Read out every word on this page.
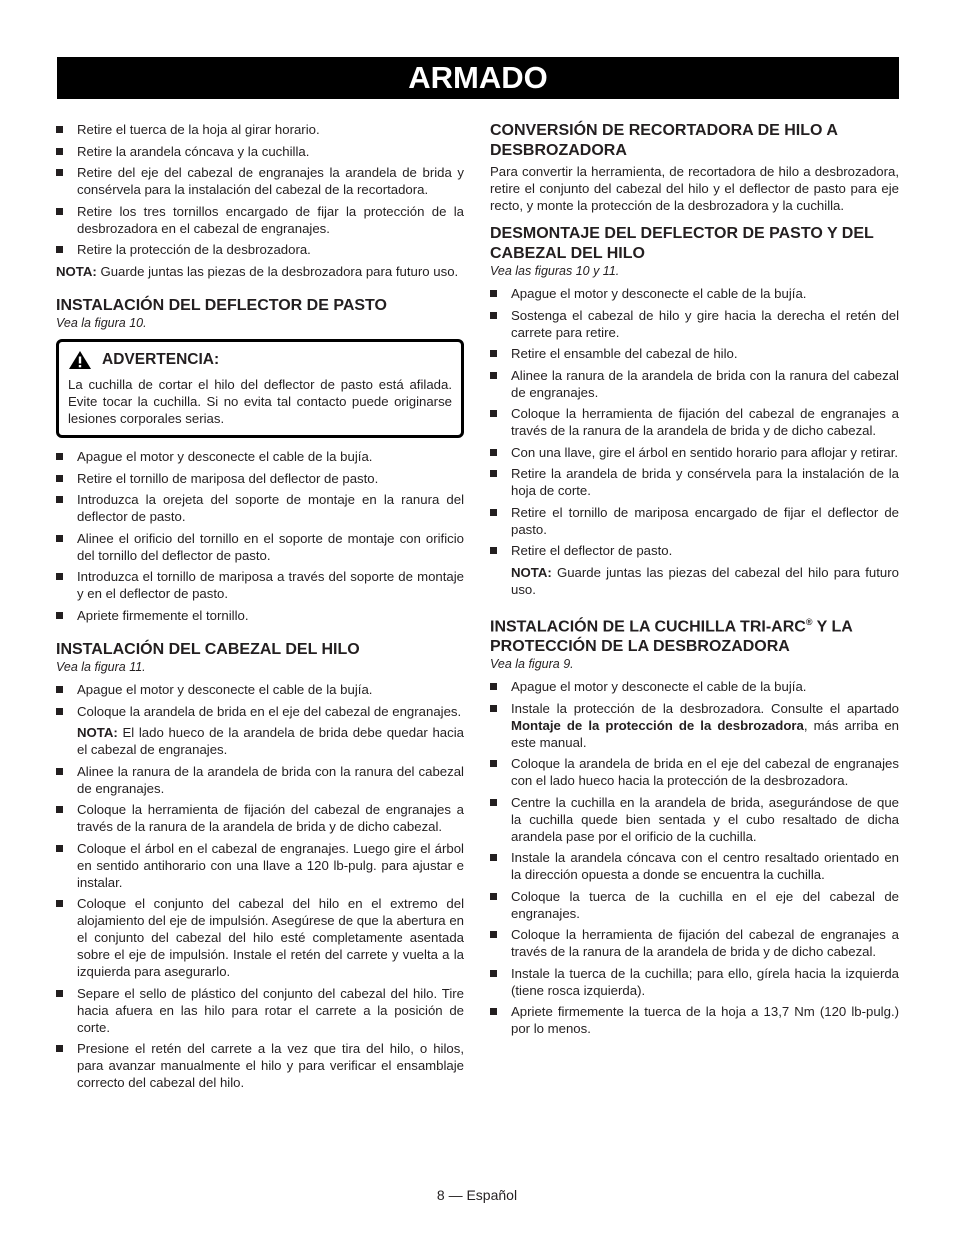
ARMADO
Retire el tuerca de la hoja al girar horario.
Retire la arandela cóncava y la cuchilla.
Retire del eje del cabezal de engranajes la arandela de brida y consérvela para la instalación del cabezal de la recortadora.
Retire los tres tornillos encargado de fijar la protección de la desbrozadora en el cabezal de engranajes.
Retire la protección de la desbrozadora.

NOTA: Guarde juntas las piezas de la desbrozadora para futuro uso.

INSTALACIÓN DEL DEFLECTOR DE PASTO

Vea la figura 10.

ADVERTENCIA:

La cuchilla de cortar el hilo del deflector de pasto está afilada. Evite tocar la cuchilla. Si no evita tal contacto puede originarse lesiones corporales serias.

Apague el motor y desconecte el cable de la bujía.
Retire el tornillo de mariposa del deflector de pasto.
Introduzca la orejeta del soporte de montaje en la ranura del deflector de pasto.
Alinee el orificio del tornillo en el soporte de montaje con orificio del tornillo del deflector de pasto.
Introduzca el tornillo de mariposa a través del soporte de montaje y en el deflector de pasto.
Apriete firmemente el tornillo.
INSTALACIÓN DEL CABEZAL DEL HILO

Vea la figura 11.

Apague el motor y desconecte el cable de la bujía.
Coloque la arandela de brida en el eje del cabezal de engranajes.

NOTA: El lado hueco de la arandela de brida debe quedar hacia el cabezal de engranajes.

Alinee la ranura de la arandela de brida con la ranura del cabezal de engranajes.
Coloque la herramienta de fijación del cabezal de engranajes a través de la ranura de la arandela de brida y de dicho cabezal.
Coloque el árbol en el cabezal de engranajes. Luego gire el árbol en sentido antihorario con una llave a 120 lb-pulg. para ajustar e instalar.
Coloque el conjunto del cabezal del hilo en el extremo del alojamiento del eje de impulsión. Asegúrese de que la abertura en el conjunto del cabezal del hilo esté completamente asentada sobre el eje de impulsión. Instale el retén del carrete y vuelta a la izquierda para asegurarlo.
Separe el sello de plástico del conjunto del cabezal del hilo. Tire hacia afuera en las hilo para rotar el carrete a la posición de corte.
Presione el retén del carrete a la vez que tira del hilo, o hilos, para avanzar manualmente el hilo y para verificar el ensamblaje correcto del cabezal del hilo.
CONVERSIÓN DE RECORTADORA DE HILO A DESBROZADORA

Para convertir la herramienta, de recortadora de hilo a desbrozadora, retire el conjunto del cabezal del hilo y el deflector de pasto para eje recto, y monte la protección de la desbrozadora y la cuchilla.

DESMONTAJE DEL DEFLECTOR DE PASTO Y DEL CABEZAL DEL HILO

Vea las figuras 10 y 11.

Apague el motor y desconecte el cable de la bujía.
Sostenga el cabezal de hilo y gire hacia la derecha el retén del carrete para retire.
Retire el ensamble del cabezal de hilo.
Alinee la ranura de la arandela de brida con la ranura del cabezal de engranajes.
Coloque la herramienta de fijación del cabezal de engranajes a través de la ranura de la arandela de brida y de dicho cabezal.
Con una llave, gire el árbol en sentido horario para aflojar y retirar.
Retire la arandela de brida y consérvela para la instalación de la hoja de corte.
Retire el tornillo de mariposa encargado de fijar el deflector de pasto.
Retire el deflector de pasto.

NOTA: Guarde juntas las piezas del cabezal del hilo para futuro uso.

INSTALACIÓN DE LA CUCHILLA TRI-ARC® Y LA PROTECCIÓN DE LA DESBROZADORA

Vea la figura 9.

Apague el motor y desconecte el cable de la bujía.
Instale la protección de la desbrozadora. Consulte el apartado Montaje de la protección de la desbrozadora, más arriba en este manual.
Coloque la arandela de brida en el eje del cabezal de engranajes con el lado hueco hacia la protección de la desbrozadora.
Centre la cuchilla en la arandela de brida, asegurándose de que la cuchilla quede bien sentada y el cubo resaltado de dicha arandela pase por el orificio de la cuchilla.
Instale la arandela cóncava con el centro resaltado orientado en la dirección opuesta a donde se encuentra la cuchilla.
Coloque la tuerca de la cuchilla en el eje del cabezal de engranajes.
Coloque la herramienta de fijación del cabezal de engranajes a través de la ranura de la arandela de brida y de dicho cabezal.
Instale la tuerca de la cuchilla; para ello, gírela hacia la izquierda (tiene rosca izquierda).
Apriete firmemente la tuerca de la hoja a 13,7 Nm (120 lb-pulg.) por lo menos.
8 — Español
